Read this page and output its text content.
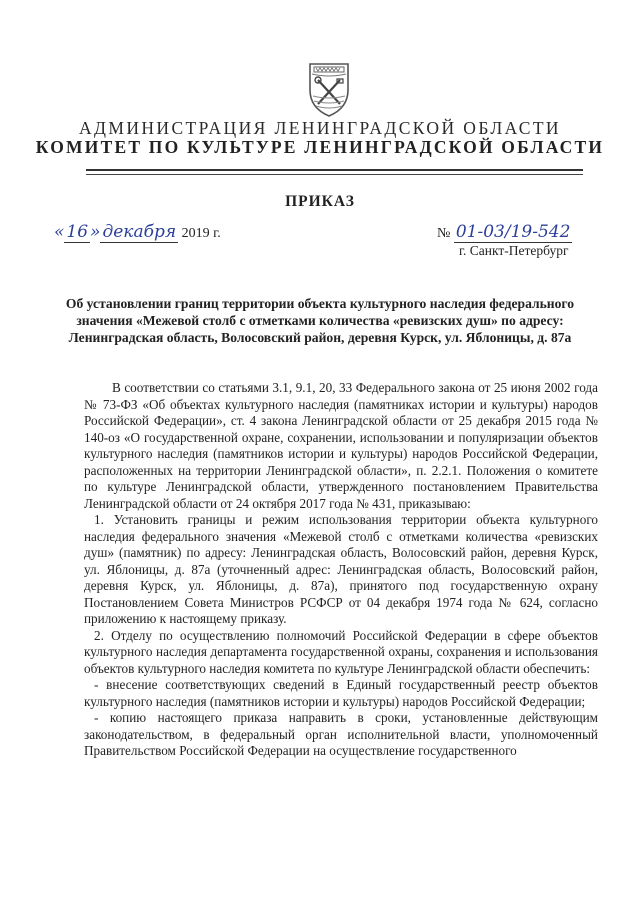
АДМИНИСТРАЦИЯ ЛЕНИНГРАДСКОЙ ОБЛАСТИ
КОМИТЕТ ПО КУЛЬТУРЕ ЛЕНИНГРАДСКОЙ ОБЛАСТИ
ПРИКАЗ
« 16 » декабря 2019 г.	№ 01-03/19-542
г. Санкт-Петербург
Об установлении границ территории объекта культурного наследия федерального значения «Межевой столб с отметками количества «ревизских душ» по адресу: Ленинградская область, Волосовский район, деревня Курск, ул. Яблоницы, д. 87а

В соответствии со статьями 3.1, 9.1, 20, 33 Федерального закона от 25 июня 2002 года № 73-ФЗ «Об объектах культурного наследия (памятниках истории и культуры) народов Российской Федерации», ст. 4 закона Ленинградской области от 25 декабря 2015 года № 140-оз «О государственной охране, сохранении, использовании и популяризации объектов культурного наследия (памятников истории и культуры) народов Российской Федерации, расположенных на территории Ленинградской области», п. 2.2.1. Положения о комитете по культуре Ленинградской области, утвержденного постановлением Правительства Ленинградской области от 24 октября 2017 года № 431, приказываю:

1. Установить границы и режим использования территории объекта культурного наследия федерального значения «Межевой столб с отметками количества «ревизских душ» (памятник) по адресу: Ленинградская область, Волосовский район, деревня Курск, ул. Яблоницы, д. 87а (уточненный адрес: Ленинградская область, Волосовский район, деревня Курск, ул. Яблоницы, д. 87а), принятого под государственную охрану Постановлением Совета Министров РСФСР от 04 декабря 1974 года № 624, согласно приложению к настоящему приказу.

2. Отделу по осуществлению полномочий Российской Федерации в сфере объектов культурного наследия департамента государственной охраны, сохранения и использования объектов культурного наследия комитета по культуре Ленинградской области обеспечить:

- внесение соответствующих сведений в Единый государственный реестр объектов культурного наследия (памятников истории и культуры) народов Российской Федерации;

- копию настоящего приказа направить в сроки, установленные действующим законодательством, в федеральный орган исполнительной власти, уполномоченный Правительством Российской Федерации на осуществление государственного
